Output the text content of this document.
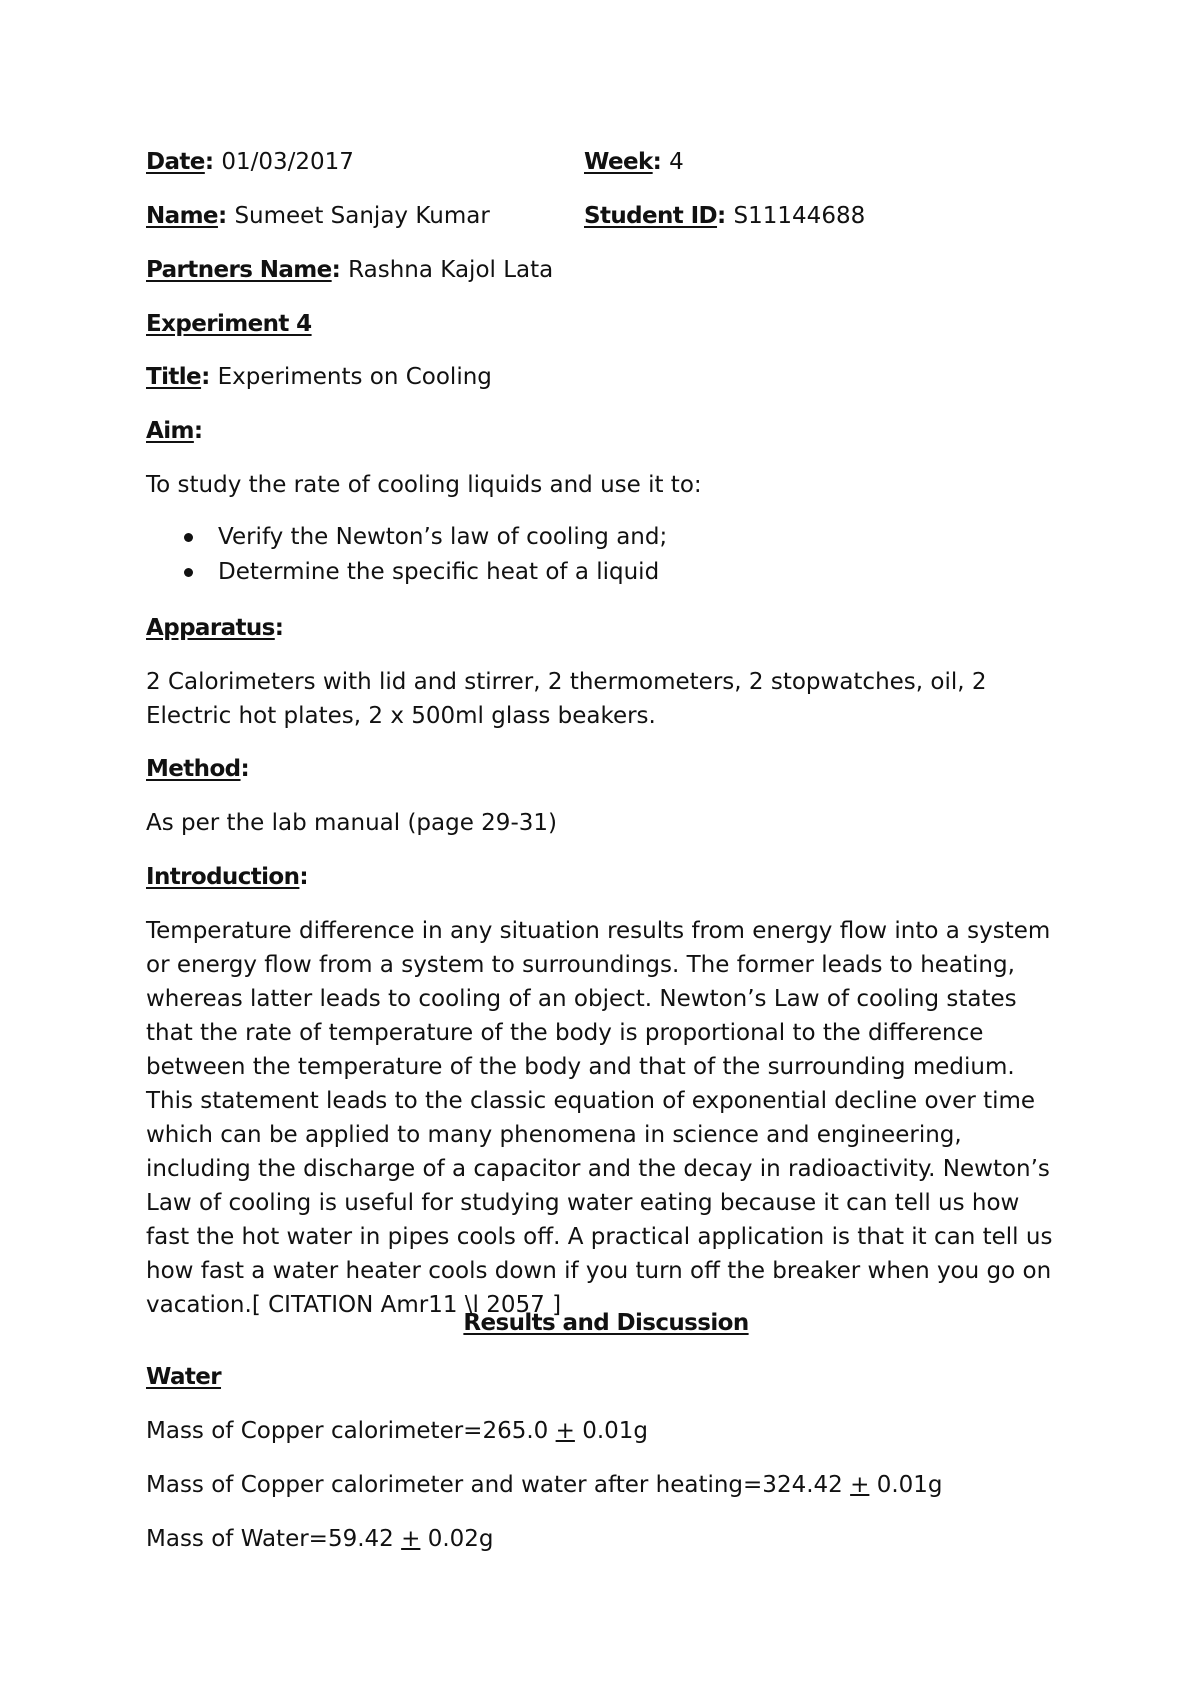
Date: 01/03/2017	Week: 4
Name: Sumeet Sanjay Kumar	Student ID: S11144688
Partners Name: Rashna Kajol Lata
Experiment 4
Title: Experiments on Cooling
Aim:
To study the rate of cooling liquids and use it to:
Verify the Newton’s law of cooling and;
Determine the specific heat of a liquid
Apparatus:
2 Calorimeters with lid and stirrer, 2 thermometers, 2 stopwatches, oil, 2 Electric hot plates, 2 x 500ml glass beakers.
Method:
As per the lab manual (page 29-31)
Introduction:
Temperature difference in any situation results from energy flow into a system or energy flow from a system to surroundings. The former leads to heating, whereas latter leads to cooling of an object. Newton’s Law of cooling states that the rate of temperature of the body is proportional to the difference between the temperature of the body and that of the surrounding medium. This statement leads to the classic equation of exponential decline over time which can be applied to many phenomena in science and engineering, including the discharge of a capacitor and the decay in radioactivity. Newton’s Law of cooling is useful for studying water eating because it can tell us how fast the hot water in pipes cools off. A practical application is that it can tell us how fast a water heater cools down if you turn off the breaker when you go on vacation.[ CITATION Amr11 \l 2057 ]
Results and Discussion
Water
Mass of Copper calorimeter=265.0 + 0.01g
Mass of Copper calorimeter and water after heating=324.42 + 0.01g
Mass of Water=59.42 + 0.02g
